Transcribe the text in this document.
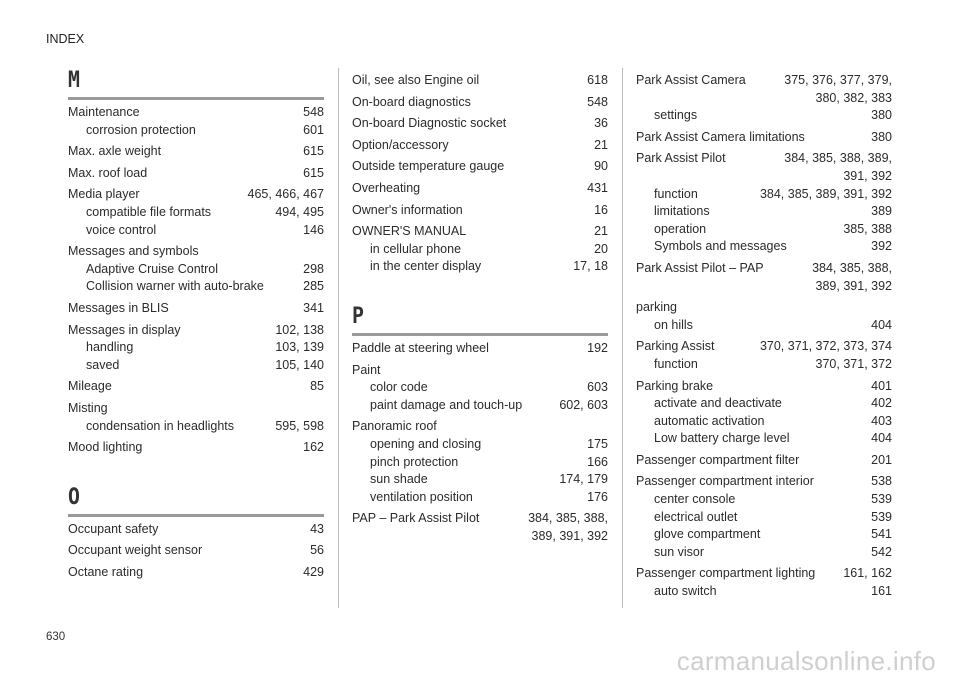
INDEX
M
Maintenance	548
corrosion protection	601
Max. axle weight	615
Max. roof load	615
Media player	465, 466, 467
compatible file formats	494, 495
voice control	146
Messages and symbols
Adaptive Cruise Control	298
Collision warner with auto-brake	285
Messages in BLIS	341
Messages in display	102, 138
handling	103, 139
saved	105, 140
Mileage	85
Misting
condensation in headlights	595, 598
Mood lighting	162
O
Occupant safety	43
Occupant weight sensor	56
Octane rating	429
Oil, see also Engine oil	618
On-board diagnostics	548
On-board Diagnostic socket	36
Option/accessory	21
Outside temperature gauge	90
Overheating	431
Owner's information	16
OWNER'S MANUAL	21
in cellular phone	20
in the center display	17, 18
P
Paddle at steering wheel	192
Paint
color code	603
paint damage and touch-up	602, 603
Panoramic roof
opening and closing	175
pinch protection	166
sun shade	174, 179
ventilation position	176
PAP – Park Assist Pilot	384, 385, 388,
389, 391, 392
Park Assist Camera	375, 376, 377, 379,
380, 382, 383
settings	380
Park Assist Camera limitations	380
Park Assist Pilot	384, 385, 388, 389,
391, 392
function	384, 385, 389, 391, 392
limitations	389
operation	385, 388
Symbols and messages	392
Park Assist Pilot – PAP	384, 385, 388,
389, 391, 392
parking
on hills	404
Parking Assist	370, 371, 372, 373, 374
function	370, 371, 372
Parking brake	401
activate and deactivate	402
automatic activation	403
Low battery charge level	404
Passenger compartment filter	201
Passenger compartment interior	538
center console	539
electrical outlet	539
glove compartment	541
sun visor	542
Passenger compartment lighting	161, 162
auto switch	161
630
carmanualsonline.info
